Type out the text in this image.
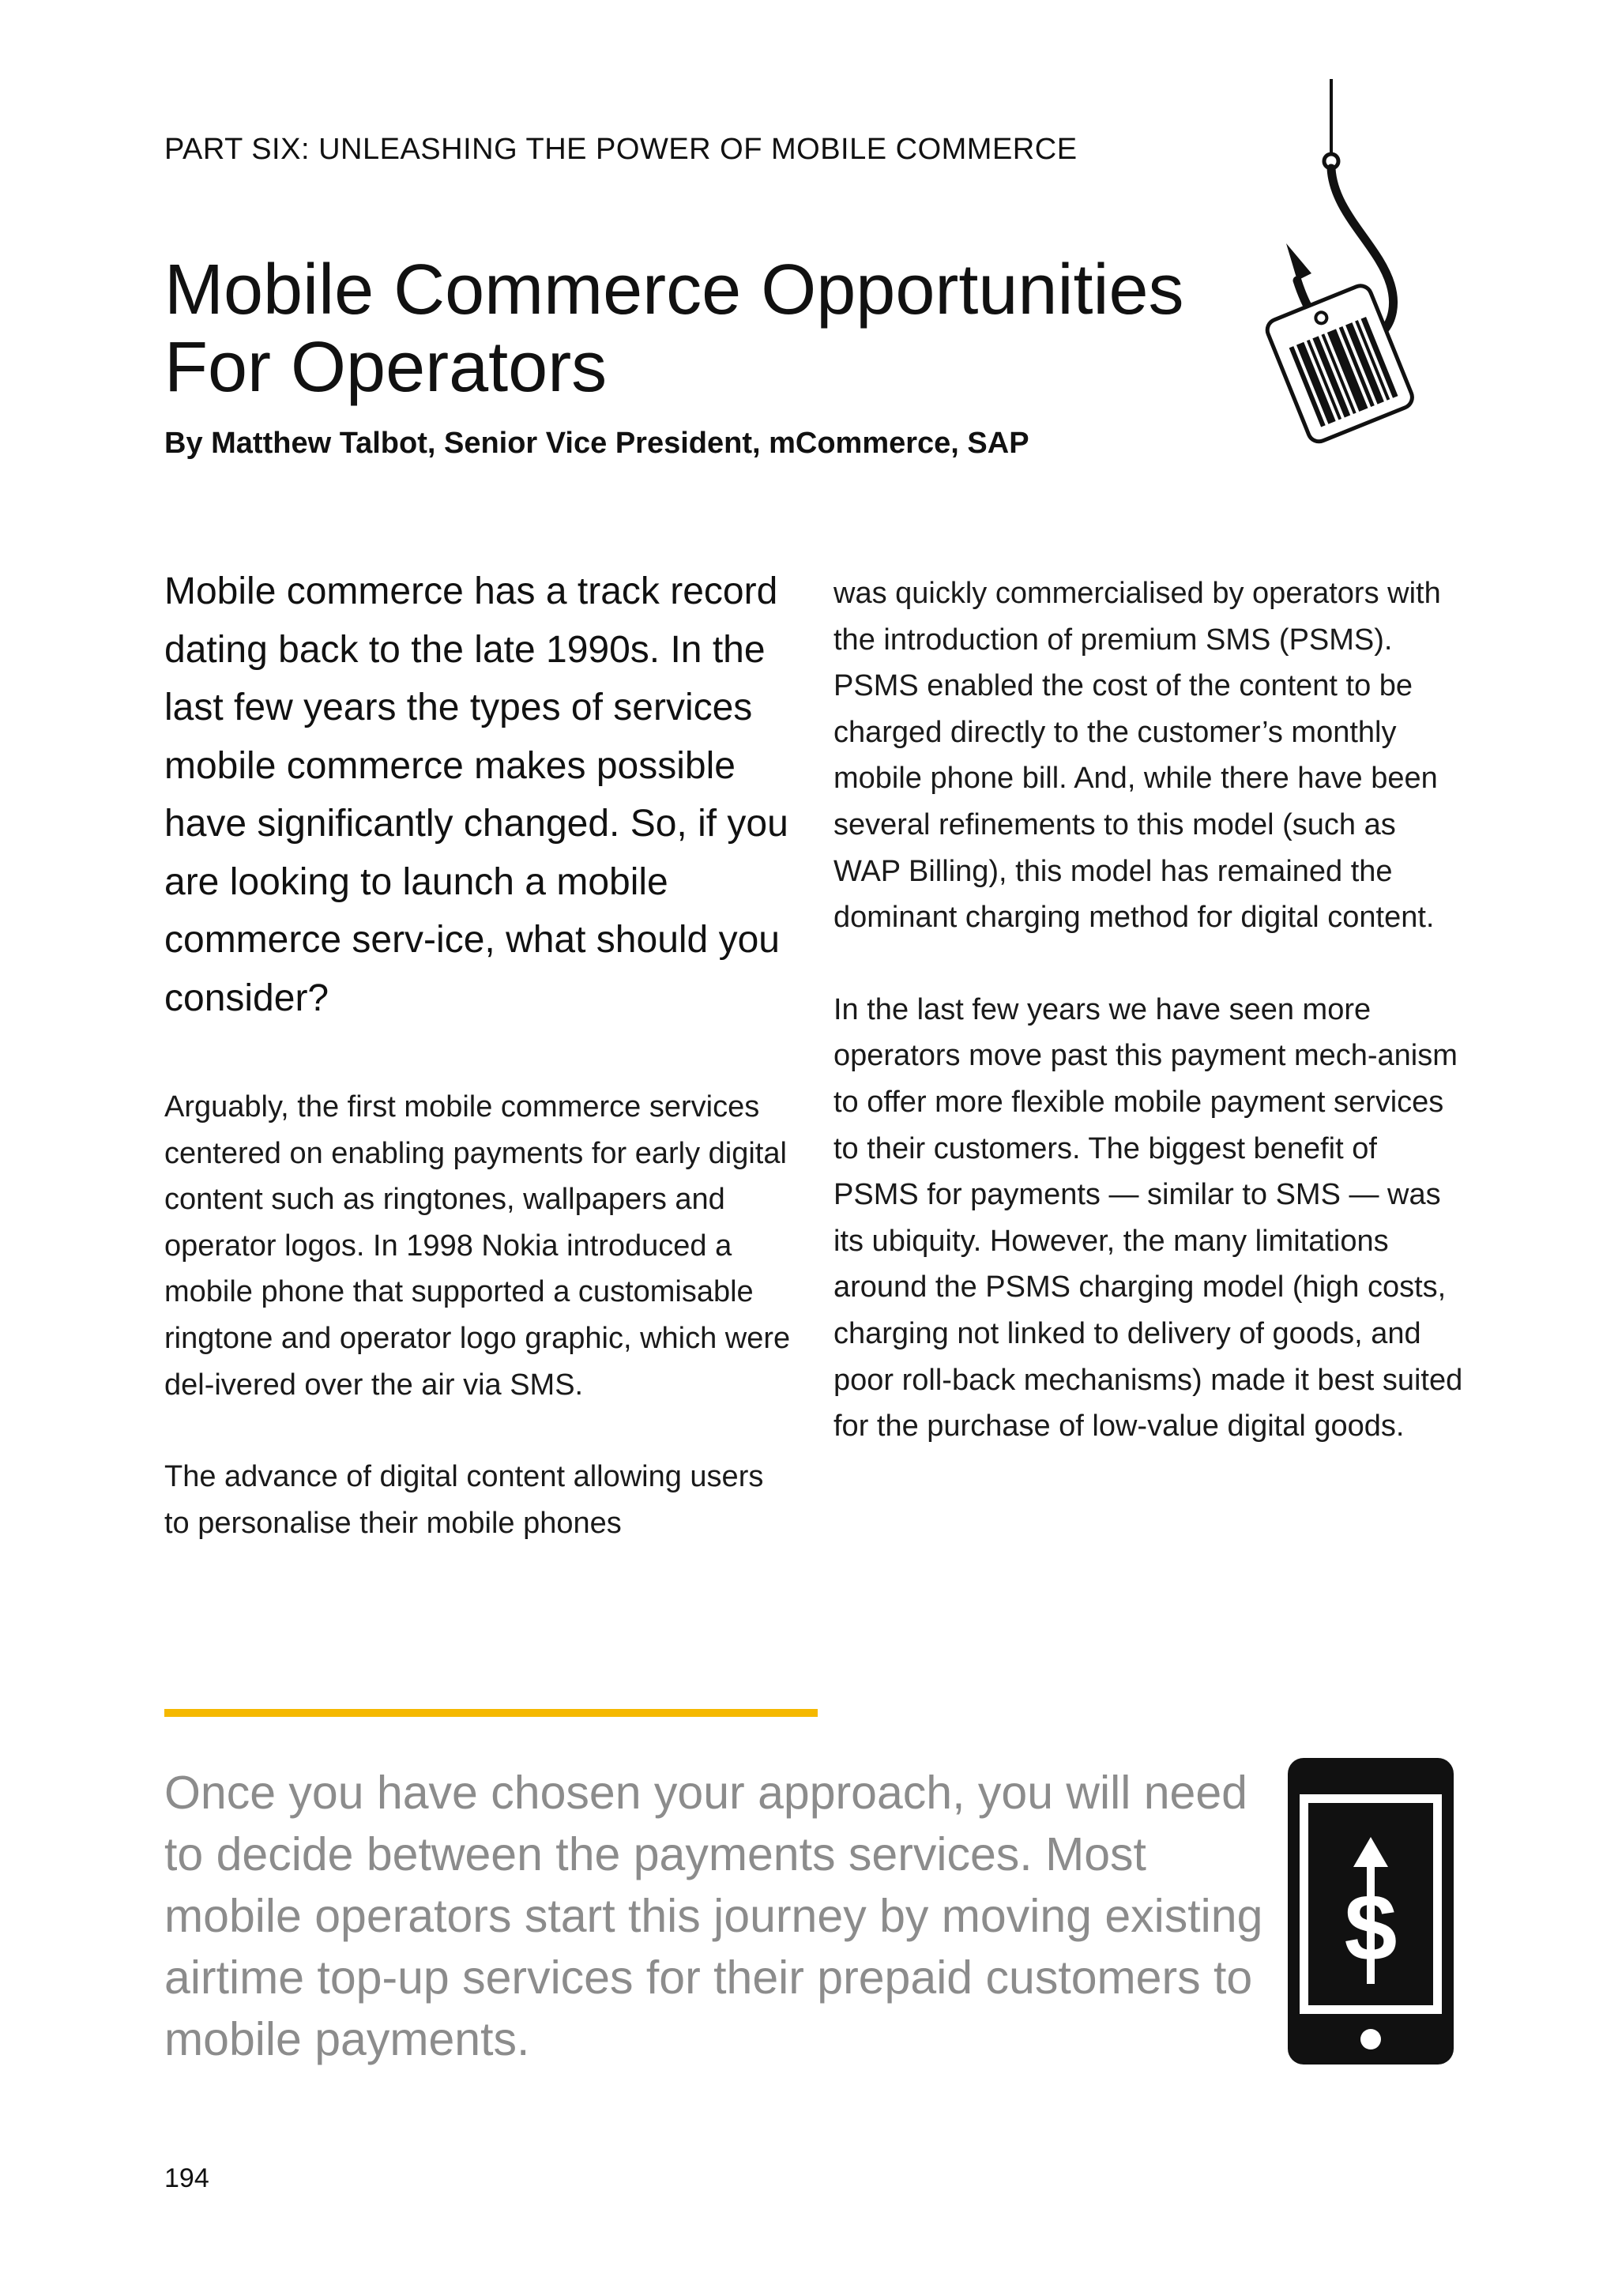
PART SIX: UNLEASHING THE POWER OF MOBILE COMMERCE
Mobile Commerce Opportunities
For Operators
By Matthew Talbot, Senior Vice President, mCommerce, SAP

Mobile commerce has a track record dating back to the late 1990s. In the last few years the types of services mobile commerce makes possible have significantly changed. So, if you are looking to launch a mobile commerce serv-ice, what should you consider?

Arguably, the first mobile commerce services centered on enabling payments for early digital content such as ringtones, wallpapers and operator logos. In 1998 Nokia introduced a mobile phone that supported a customisable ringtone and operator logo graphic, which were del-ivered over the air via SMS.

The advance of digital content allowing users to personalise their mobile phones

was quickly commercialised by operators with the introduction of premium SMS (PSMS). PSMS enabled the cost of the content to be charged directly to the customer’s monthly mobile phone bill. And, while there have been several refinements to this model (such as WAP Billing), this model has remained the dominant charging method for digital content.

In the last few years we have seen more operators move past this payment mech-anism to offer more flexible mobile payment services to their customers. The biggest benefit of PSMS for payments — similar to SMS — was its ubiquity. However, the many limitations around the PSMS charging model (high costs, charging not linked to delivery of goods, and poor roll-back mechanisms) made it best suited for the purchase of low-value digital goods.

Once you have chosen your approach, you will need to decide between the payments services. Most mobile operators start this journey by moving existing airtime top-up services for their prepaid customers to mobile payments.

$
194
